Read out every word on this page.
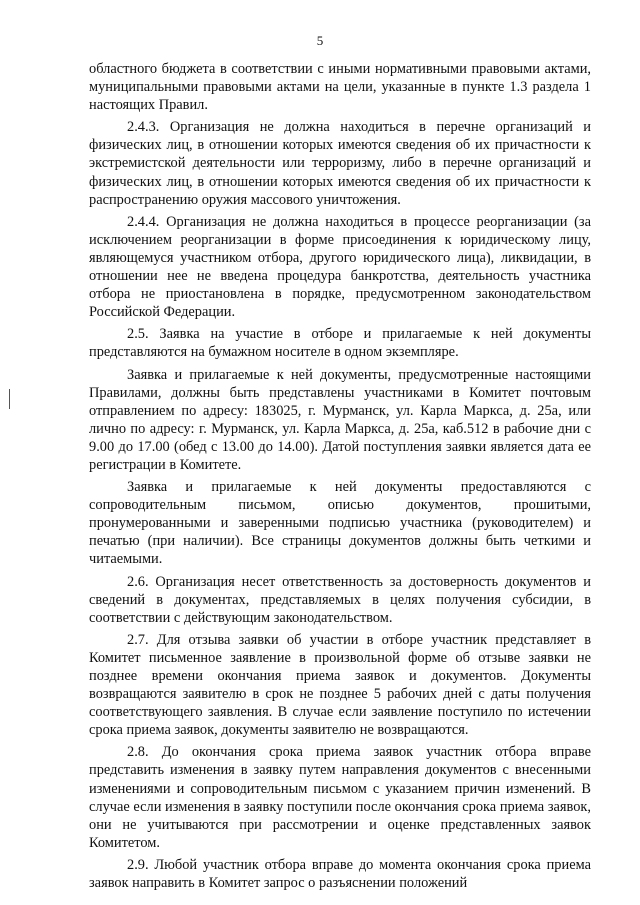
5

областного бюджета в соответствии с иными нормативными правовыми актами, муниципальными правовыми актами на цели, указанные в пункте 1.3 раздела 1 настоящих Правил.

2.4.3. Организация не должна находиться в перечне организаций и физических лиц, в отношении которых имеются сведения об их причастности к экстремистской деятельности или терроризму, либо в перечне организаций и физических лиц, в отношении которых имеются сведения об их причастности к распространению оружия массового уничтожения.

2.4.4. Организация не должна находиться в процессе реорганизации (за исключением реорганизации в форме присоединения к юридическому лицу, являющемуся участником отбора, другого юридического лица), ликвидации, в отношении нее не введена процедура банкротства, деятельность участника отбора не приостановлена в порядке, предусмотренном законодательством Российской Федерации.

2.5. Заявка на участие в отборе и прилагаемые к ней документы представляются на бумажном носителе в одном экземпляре.

Заявка и прилагаемые к ней документы, предусмотренные настоящими Правилами, должны быть представлены участниками в Комитет почтовым отправлением по адресу: 183025, г. Мурманск, ул. Карла Маркса, д. 25а, или лично по адресу: г. Мурманск, ул. Карла Маркса, д. 25а, каб.512 в рабочие дни с 9.00 до 17.00 (обед с 13.00 до 14.00). Датой поступления заявки является дата ее регистрации в Комитете.

Заявка и прилагаемые к ней документы предоставляются с сопроводительным письмом, описью документов, прошитыми, пронумерованными и заверенными подписью участника (руководителем) и печатью (при наличии). Все страницы документов должны быть четкими и читаемыми.

2.6. Организация несет ответственность за достоверность документов и сведений в документах, представляемых в целях получения субсидии, в соответствии с действующим законодательством.

2.7. Для отзыва заявки об участии в отборе участник представляет в Комитет письменное заявление в произвольной форме об отзыве заявки не позднее времени окончания приема заявок и документов. Документы возвращаются заявителю в срок не позднее 5 рабочих дней с даты получения соответствующего заявления. В случае если заявление поступило по истечении срока приема заявок, документы заявителю не возвращаются.

2.8. До окончания срока приема заявок участник отбора вправе представить изменения в заявку путем направления документов с внесенными изменениями и сопроводительным письмом с указанием причин изменений. В случае если изменения в заявку поступили после окончания срока приема заявок, они не учитываются при рассмотрении и оценке представленных заявок Комитетом.

2.9. Любой участник отбора вправе до момента окончания срока приема заявок направить в Комитет запрос о разъяснении положений
